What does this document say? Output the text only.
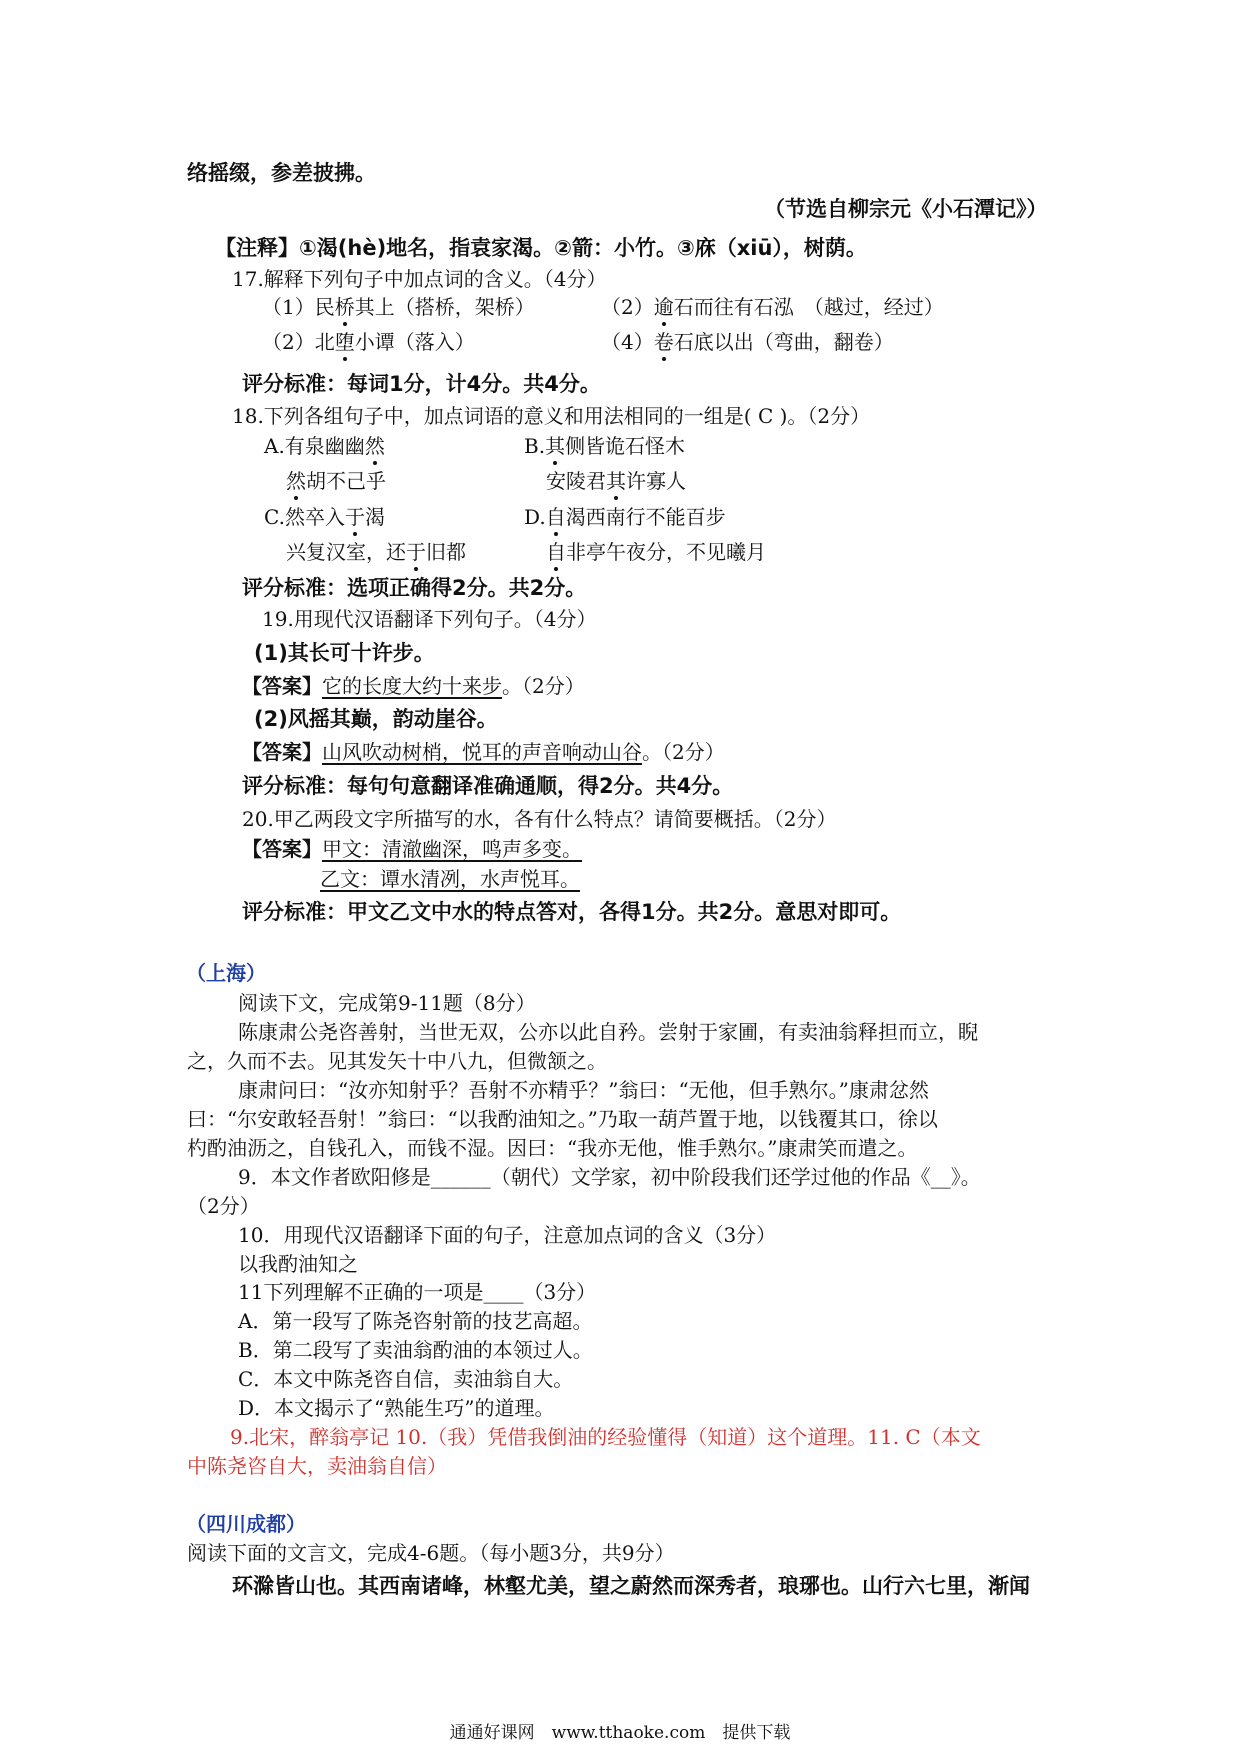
络摇缀，参差披拂。
（节选自柳宗元《小石潭记》）
【注释】①渴(hè)地名，指袁家渴。②箭：小竹。③庥（xiū），树荫。
17.解释下列句子中加点词的含义。（4分）
（1）民桥其上（搭桥，架桥）	（2）逾石而往有石泓　（越过，经过）
（2）北堕小谭（落入）	（4）卷石底以出（弯曲，翻卷）
评分标准：每词1分，计4分。共4分。
18.下列各组句子中，加点词语的意义和用法相同的一组是( C )。（2分）
A.有泉幽幽然	B.其侧皆诡石怪木
然胡不己乎	安陵君其许寡人
C.然卒入于渴	D.自渴西南行不能百步
兴复汉室，还于旧都	自非亭午夜分，不见曦月
评分标准：选项正确得2分。共2分。
19.用现代汉语翻译下列句子。（4分）
(1)其长可十许步。
【答案】它的长度大约十来步。（2分）
(2)风摇其巅，韵动崖谷。
【答案】山风吹动树梢，悦耳的声音响动山谷。（2分）
评分标准：每句句意翻译准确通顺，得2分。共4分。
20.甲乙两段文字所描写的水，各有什么特点？请简要概括。（2分）
【答案】甲文：清澈幽深，鸣声多变。
乙文：谭水清冽，水声悦耳。
评分标准：甲文乙文中水的特点答对，各得1分。共2分。意思对即可。
（上海）
阅读下文，完成第9-11题（8分）
陈康肃公尧咨善射，当世无双，公亦以此自矜。尝射于家圃，有卖油翁释担而立，睨
之，久而不去。见其发矢十中八九，但微颔之。
康肃问曰：“汝亦知射乎？吾射不亦精乎？”翁曰：“无他，但手熟尔。”康肃忿然
曰：“尔安敢轻吾射！”翁曰：“以我酌油知之。”乃取一葫芦置于地，以钱覆其口，徐以
杓酌油沥之，自钱孔入，而钱不湿。因曰：“我亦无他，惟手熟尔。”康肃笑而遣之。
9．本文作者欧阳修是______（朝代）文学家，初中阶段我们还学过他的作品《__》。
（2分）
10．用现代汉语翻译下面的句子，注意加点词的含义（3分）
以我酌油知之
11下列理解不正确的一项是____（3分）
A．第一段写了陈尧咨射箭的技艺高超。
B．第二段写了卖油翁酌油的本领过人。
C．本文中陈尧咨自信，卖油翁自大。
D．本文揭示了“熟能生巧”的道理。
9.北宋，醉翁亭记 10.（我）凭借我倒油的经验懂得（知道）这个道理。11. C（本文
中陈尧咨自大，卖油翁自信）
（四川成都）
阅读下面的文言文，完成4-6题。（每小题3分，共9分）
环滁皆山也。其西南诸峰，林壑尤美，望之蔚然而深秀者，琅琊也。山行六七里，渐闻
通通好课网　www.tthaoke.com　提供下载
